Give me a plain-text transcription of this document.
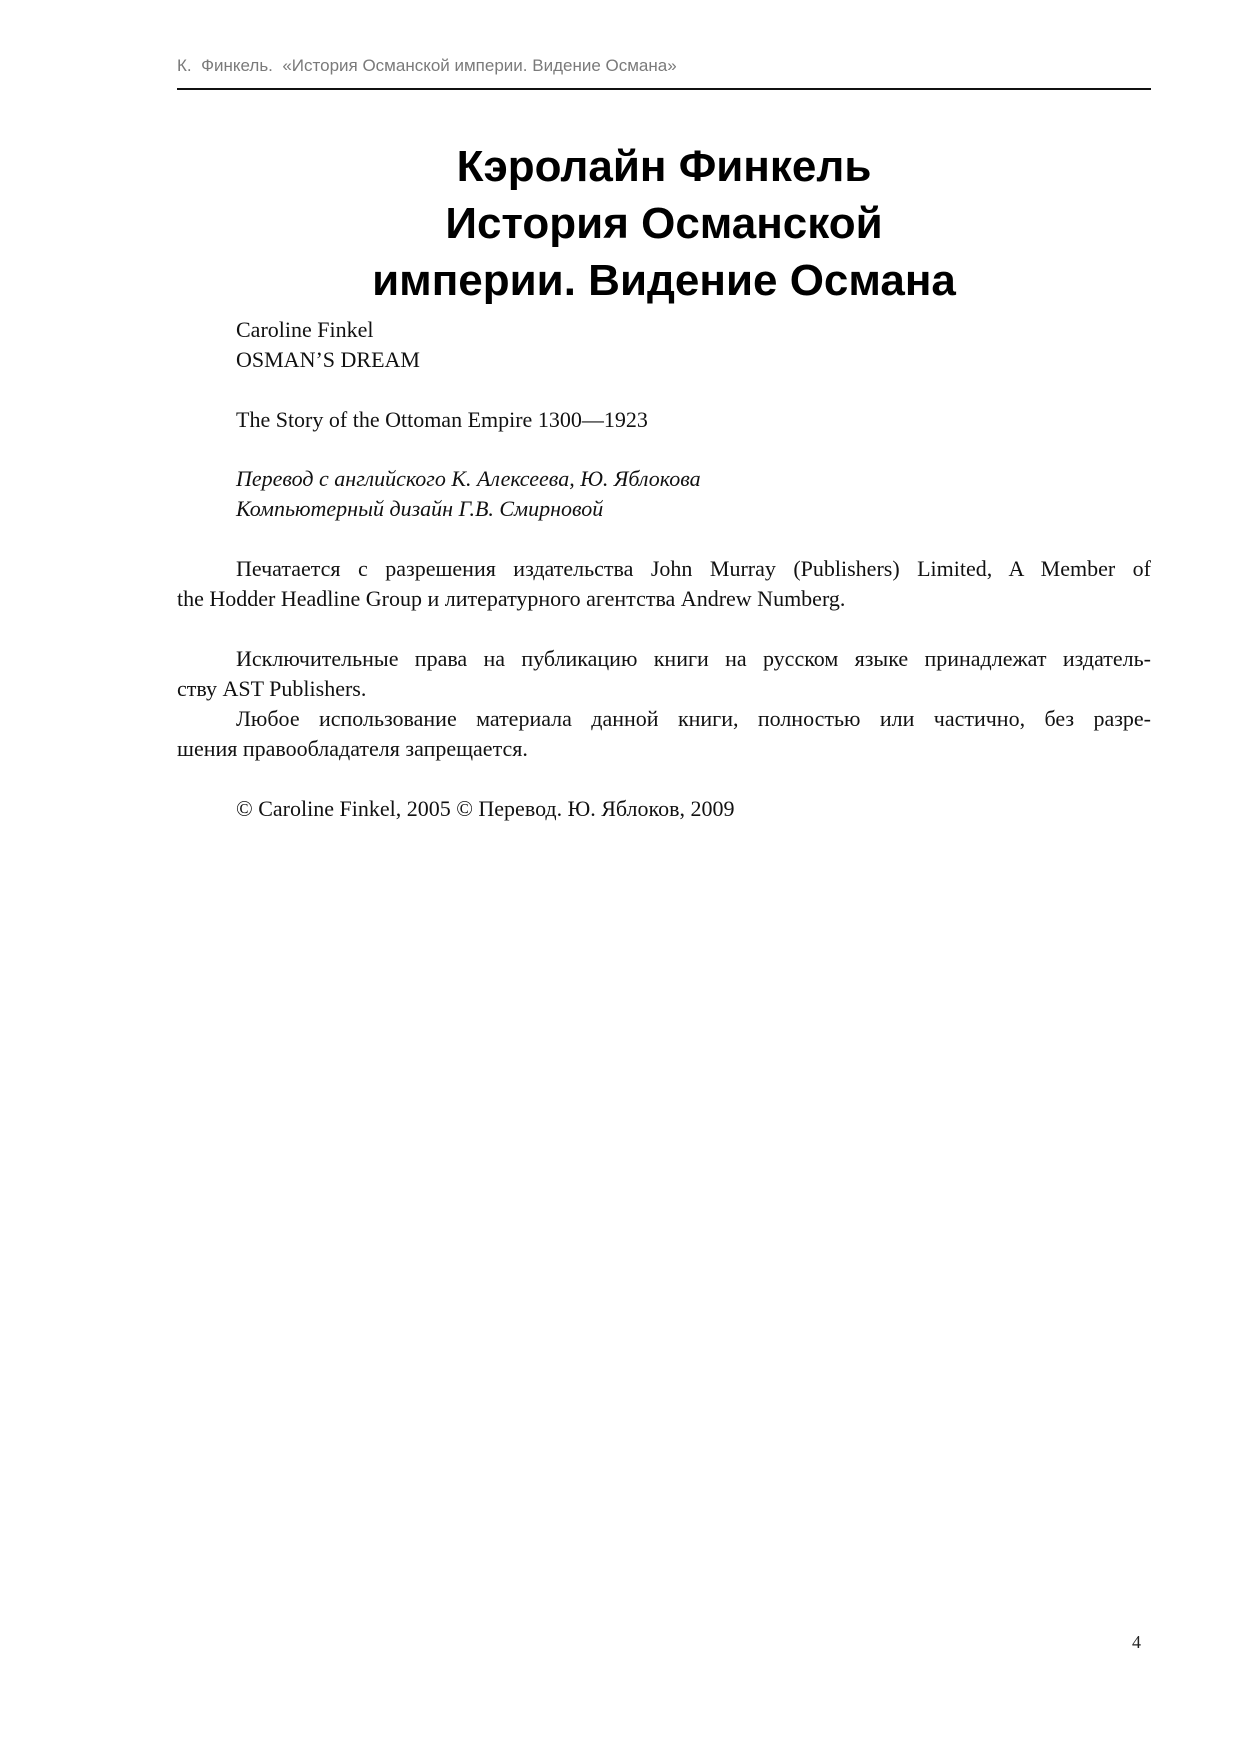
К.  Финкель.  «История Османской империи. Видение Османа»
Кэролайн Финкель
История Османской
империи. Видение Османа
Caroline Finkel
OSMAN’S DREAM
The Story of the Ottoman Empire 1300—1923
Перевод с английского К. Алексеева, Ю. Яблокова
Компьютерный дизайн Г.В. Смирновой
Печатается с разрешения издательства John Murray (Publishers) Limited, A Member of
the Hodder Headline Group и литературного агентства Andrew Numberg.
Исключительные права на публикацию книги на русском языке принадлежат издатель-
ству AST Publishers.
Любое использование материала данной книги, полностью или частично, без разре-
шения правообладателя запрещается.
© Caroline Finkel, 2005 © Перевод. Ю. Яблоков, 2009
4
